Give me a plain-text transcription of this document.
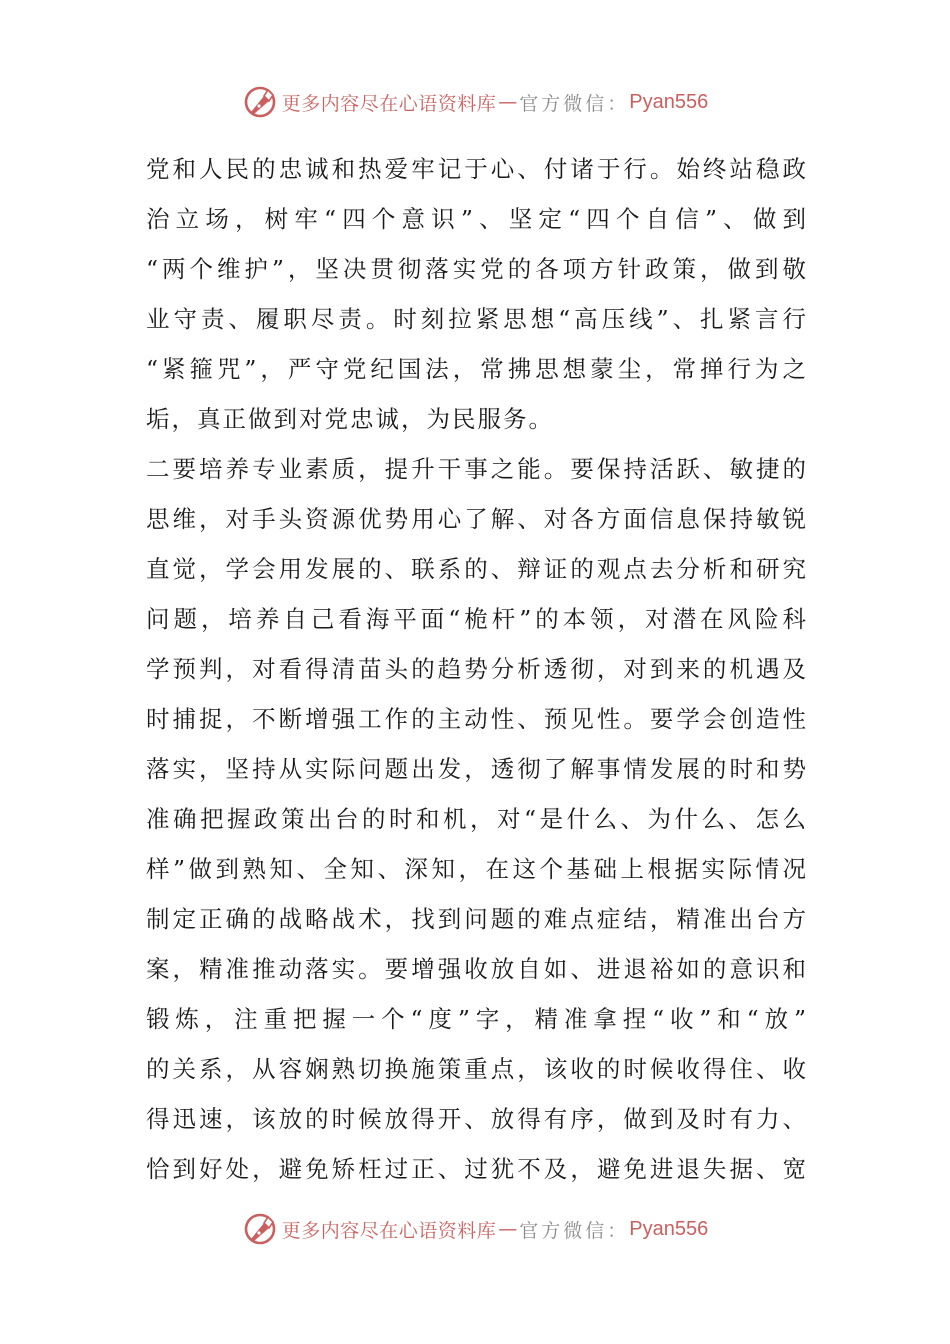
更多内容尽在心语资料库 — 官方微信： Pyan556
党和人民的忠诚和热爱牢记于心、付诸于行。始终站稳政
治立场，树牢“四个意识”、坚定“四个自信”、做到
“两个维护”，坚决贯彻落实党的各项方针政策，做到敬
业守责、履职尽责。时刻拉紧思想“高压线”、扎紧言行
“紧箍咒”，严守党纪国法，常拂思想蒙尘，常掸行为之
垢，真正做到对党忠诚，为民服务。
二要培养专业素质，提升干事之能。要保持活跃、敏捷的
思维，对手头资源优势用心了解、对各方面信息保持敏锐
直觉，学会用发展的、联系的、辩证的观点去分析和研究
问题，培养自己看海平面“桅杆”的本领，对潜在风险科
学预判，对看得清苗头的趋势分析透彻，对到来的机遇及
时捕捉，不断增强工作的主动性、预见性。要学会创造性
落实，坚持从实际问题出发，透彻了解事情发展的时和势
准确把握政策出台的时和机，对“是什么、为什么、怎么
样”做到熟知、全知、深知，在这个基础上根据实际情况
制定正确的战略战术，找到问题的难点症结，精准出台方
案，精准推动落实。要增强收放自如、进退裕如的意识和
锻炼，注重把握一个“度”字，精准拿捏“收”和“放”
的关系，从容娴熟切换施策重点，该收的时候收得住、收
得迅速，该放的时候放得开、放得有序，做到及时有力、
恰到好处，避免矫枉过正、过犹不及，避免进退失据、宽
更多内容尽在心语资料库 — 官方微信： Pyan556
